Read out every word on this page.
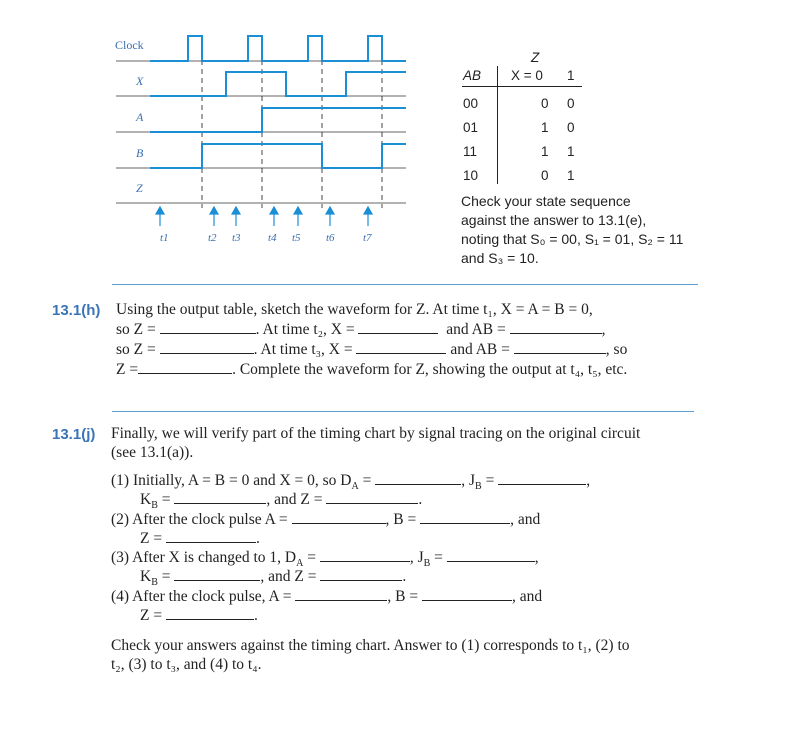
Clock
X
A
B
Z
t1	t2 t3 t4 t5 t6	t7
Z
AB X = 0 1
00	0 0
01	1 0
11	1 1
10	0 1
Check your state sequence
against the answer to 13.1(e),
noting that S₀ = 00, S₁ = 01, S₂ = 11
and S₃ = 10.
13.1(h) Using the output table, sketch the waveform for Z. At time t₁, X = A = B = 0,
so Z =	. At time t₂, X =	and AB =	,
so Z =	. At time t₃, X =	and AB =	, so
Z =	. Complete the waveform for Z, showing the output at t₄, t₅, etc.
13.1(j) Finally, we will verify part of the timing chart by signal tracing on the original circuit
(see 13.1(a)).
(1) Initially, A = B = 0 and X = 0, so $D_A$ =	, $J_B$ =	,
$K_B$ =	, and Z =	.
(2) After the clock pulse A =	, B =	, and
Z =	.
(3) After X is changed to 1, $D_A$ =	, $J_B$ =	,
$K_B$ =	, and Z =	.
(4) After the clock pulse, A =	, B =	, and
Z =	.
Check your answers against the timing chart. Answer to (1) corresponds to t₁, (2) to
t₂, (3) to t₃, and (4) to t₄.
